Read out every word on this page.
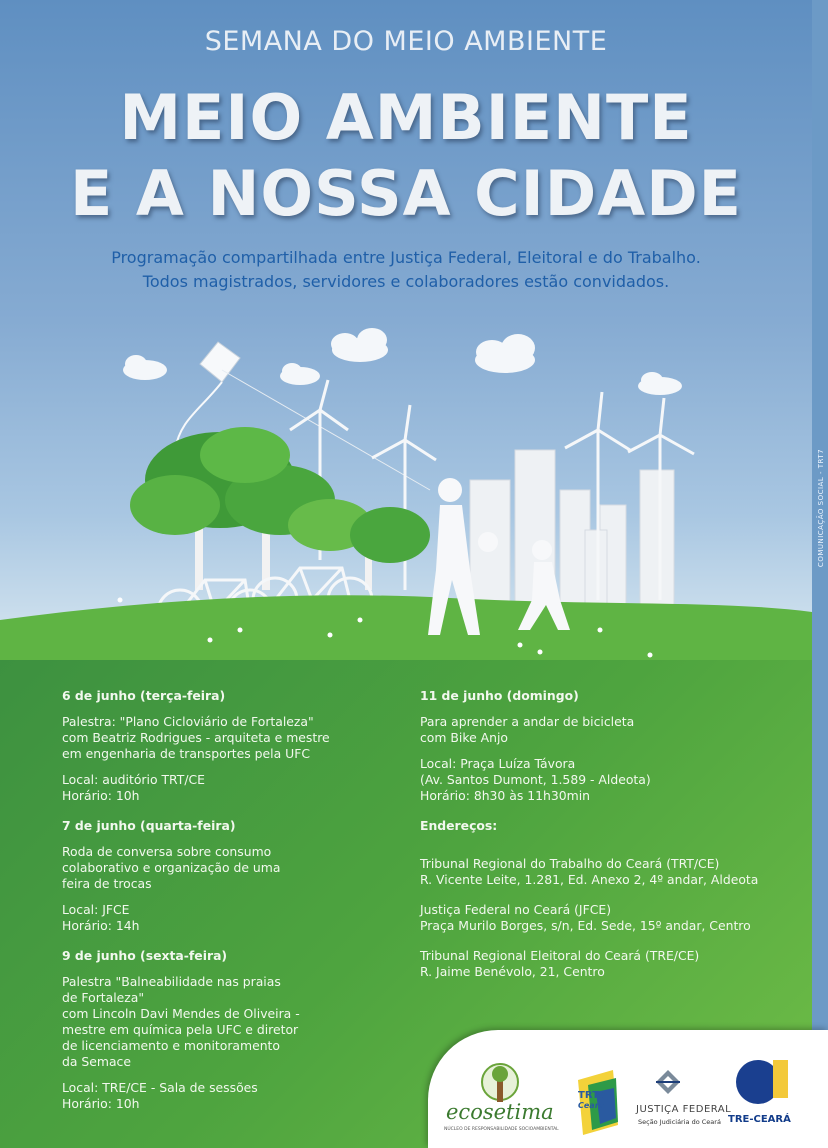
SEMANA DO MEIO AMBIENTE
MEIO AMBIENTE
E A NOSSA CIDADE
Programação compartilhada entre Justiça Federal, Eleitoral e do Trabalho.
Todos magistrados, servidores e colaboradores estão convidados.
COMUNICAÇÃO SOCIAL - TRT7
6 de junho (terça-feira)
Palestra: "Plano Cicloviário de Fortaleza"
com Beatriz Rodrigues - arquiteta e mestre
em engenharia de transportes pela UFC
Local: auditório TRT/CE
Horário: 10h
7 de junho (quarta-feira)
Roda de conversa sobre consumo
colaborativo e organização de uma
feira de trocas
Local: JFCE
Horário: 14h
9 de junho (sexta-feira)
Palestra "Balneabilidade nas praias
de Fortaleza"
com Lincoln Davi Mendes de Oliveira -
mestre em química pela UFC e diretor
de licenciamento e monitoramento
da Semace
Local: TRE/CE - Sala de sessões
Horário: 10h
11 de junho (domingo)
Para aprender a andar de bicicleta
com Bike Anjo
Local: Praça Luíza Távora
(Av. Santos Dumont, 1.589 - Aldeota)
Horário: 8h30 às 11h30min
Endereços:
Tribunal Regional do Trabalho do Ceará (TRT/CE)
R. Vicente Leite, 1.281, Ed. Anexo 2, 4º andar, Aldeota
Justiça Federal no Ceará (JFCE)
Praça Murilo Borges, s/n, Ed. Sede, 15º andar, Centro
Tribunal Regional Eleitoral do Ceará (TRE/CE)
R. Jaime Benévolo, 21, Centro
ecosetima
NÚCLEO DE RESPONSABILIDADE SOCIOAMBIENTAL
TRT7
Ceará	JUSTIÇA FEDERAL
Seção Judiciária do Ceará TRE-CEARÁ
